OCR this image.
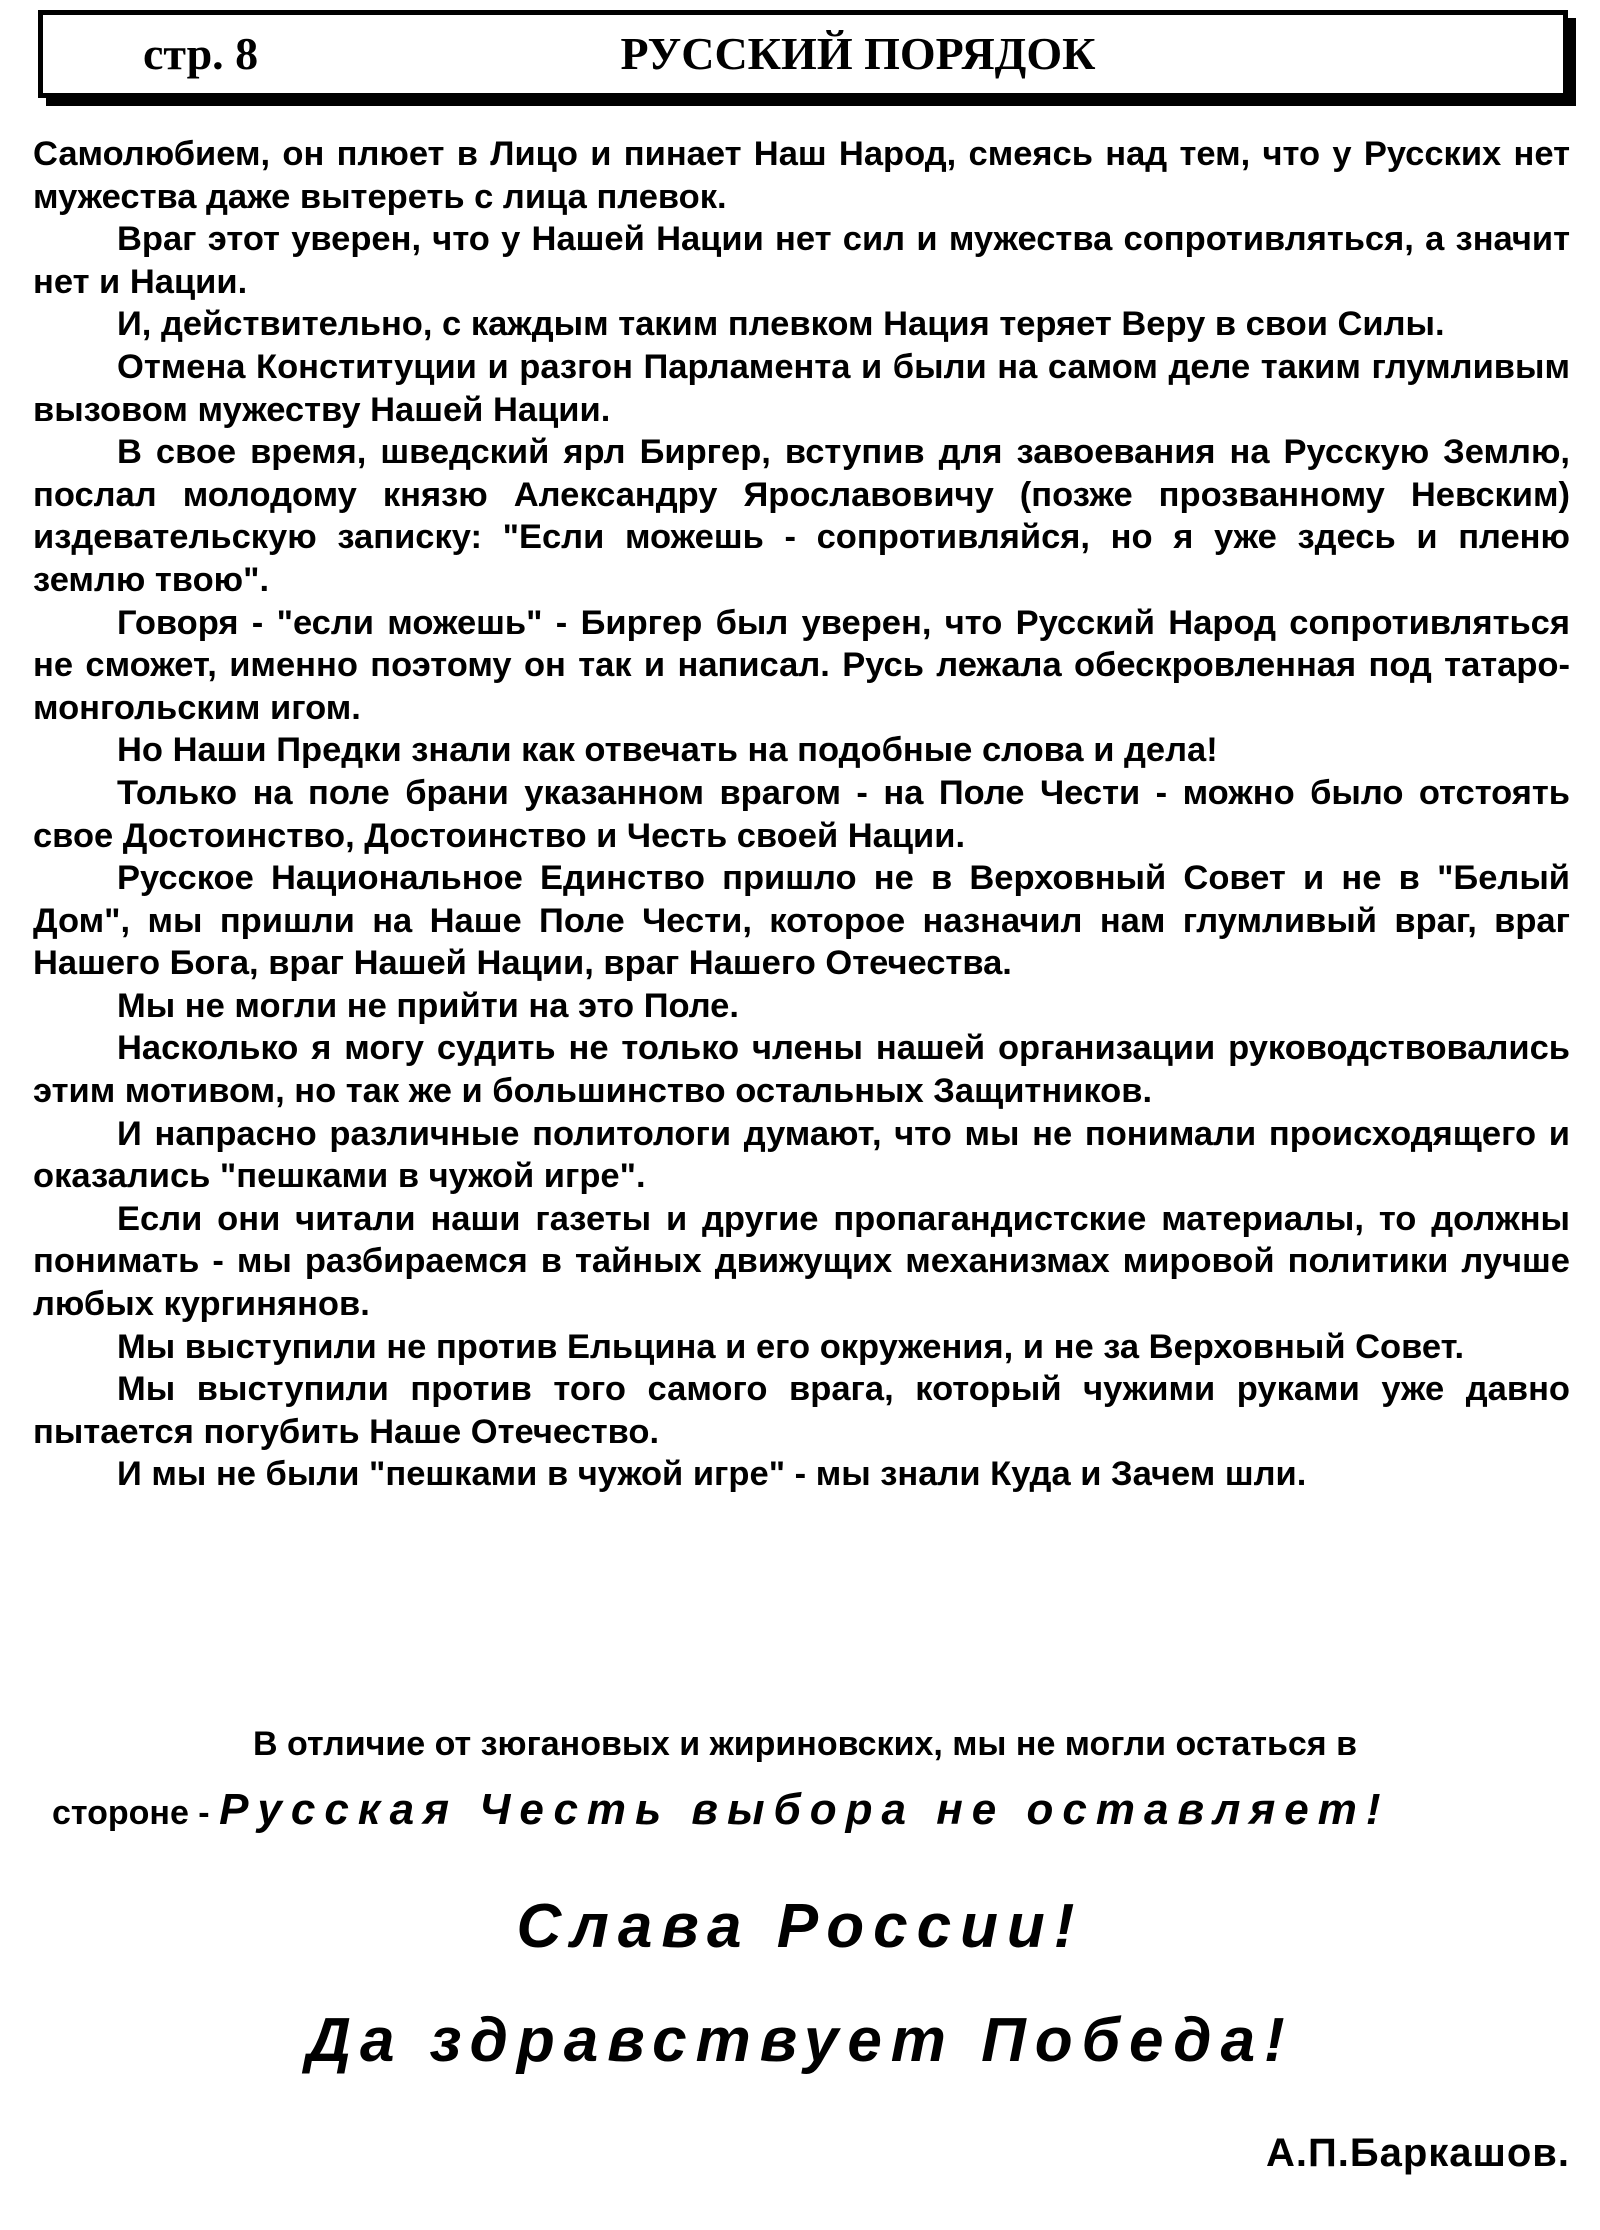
стр. 8	РУССКИЙ ПОРЯДОК

Самолюбием, он плюет в Лицо и пинает Наш Народ, смеясь над тем, что у Русских нет мужества даже вытереть с лица плевок.

Враг этот уверен, что у Нашей Нации нет сил и мужества сопротивляться, а значит нет и Нации.

И, действительно, с каждым таким плевком Нация теряет Веру в свои Силы.

Отмена Конституции и разгон Парламента и были на самом деле таким глумливым вызовом мужеству Нашей Нации.

В свое время, шведский ярл Биргер, вступив для завоевания на Русскую Землю, послал молодому князю Александру Ярославовичу (позже прозванному Невским) издевательскую записку: "Если можешь - сопротивляйся, но я уже здесь и пленю землю твою".

Говоря - "если можешь" - Биргер был уверен, что Русский Народ сопротивляться не сможет, именно поэтому он так и написал. Русь лежала обескровленная под татаро-монгольским игом.

Но Наши Предки знали как отвечать на подобные слова и дела!

Только на поле брани указанном врагом - на Поле Чести - можно было отстоять свое Достоинство, Достоинство и Честь своей Нации.

Русское Национальное Единство пришло не в Верховный Совет и не в "Белый Дом", мы пришли на Наше Поле Чести, которое назначил нам глумливый враг, враг Нашего Бога, враг Нашей Нации, враг Нашего Отечества.

Мы не могли не прийти на это Поле.

Насколько я могу судить не только члены нашей организации руководствовались этим мотивом, но так же и большинство остальных Защитников.

И напрасно различные политологи думают, что мы не понимали происходящего и оказались "пешками в чужой игре".

Если они читали наши газеты и другие пропагандистские материалы, то должны понимать - мы разбираемся в тайных движущих механизмах мировой политики лучше любых кургинянов.

Мы выступили не против Ельцина и его окружения, и не за Верховный Совет.

Мы выступили против того самого врага, который чужими руками уже давно пытается погубить Наше Отечество.

И мы не были "пешками в чужой игре" - мы знали Куда и Зачем шли.

В отличие от зюгановых и жириновских, мы не могли остаться в
стороне - Русская Честь выбора не оставляет!
Слава России!
Да здравствует Победа!
А.П.Баркашов.
